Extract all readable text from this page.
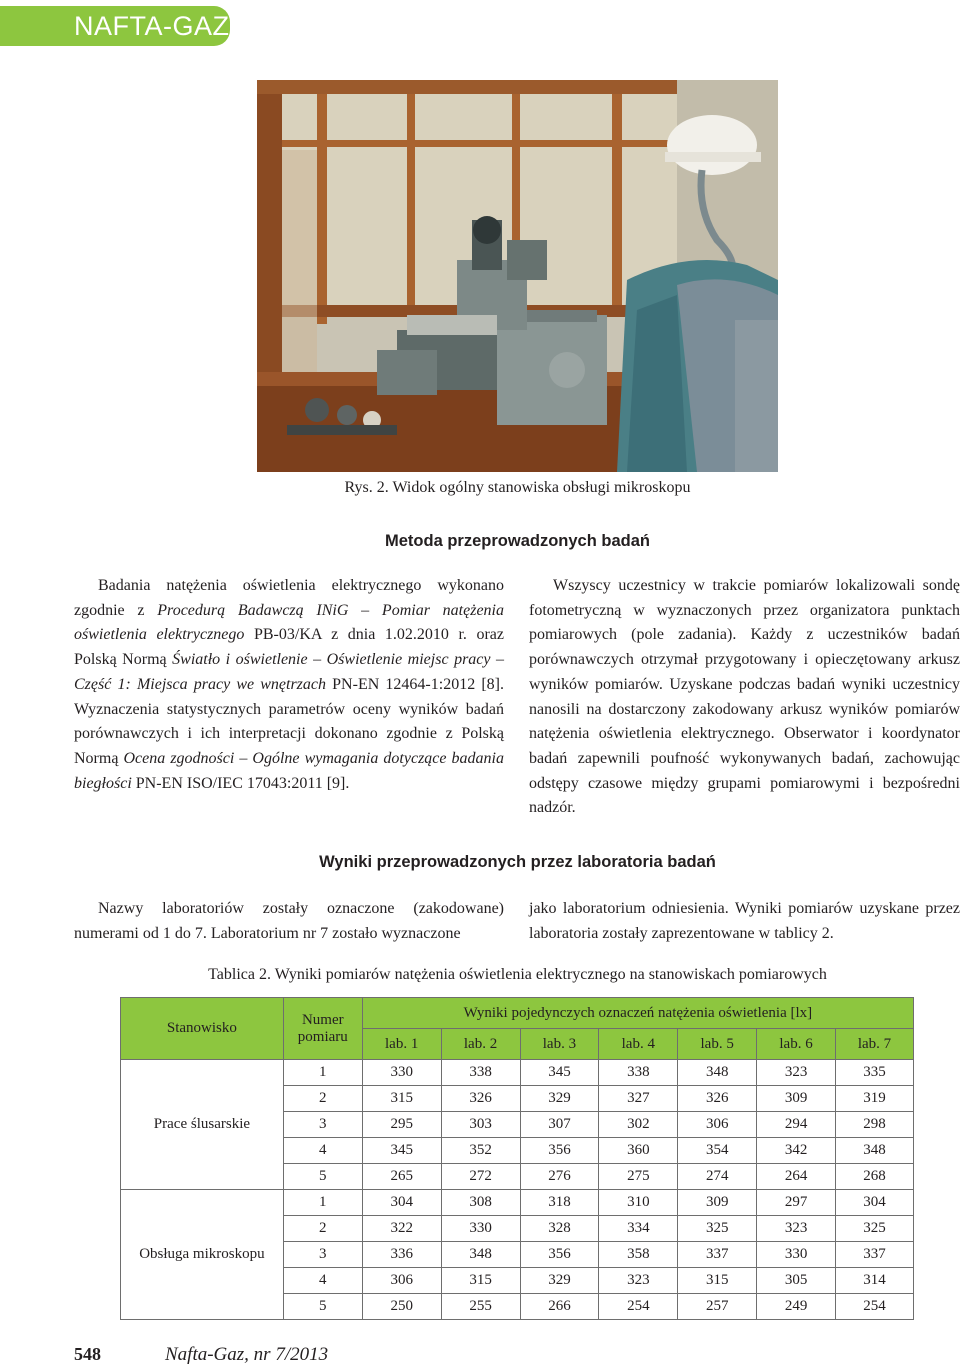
NAFTA-GAZ
Rys. 2. Widok ogólny stanowiska obsługi mikroskopu
Metoda przeprowadzonych badań

Badania natężenia oświetlenia elektrycznego wykonano zgodnie z Procedurą Badawczą INiG – Pomiar natężenia oświetlenia elektrycznego PB-03/KA z dnia 1.02.2010 r. oraz Polską Normą Światło i oświetlenie – Oświetlenie miejsc pracy – Część 1: Miejsca pracy we wnętrzach PN-EN 12464-1:2012 [8]. Wyznaczenia statystycznych parametrów oceny wyników badań porównawczych i ich interpretacji dokonano zgodnie z Polską Normą Ocena zgodności – Ogólne wymagania dotyczące badania biegłości PN-EN ISO/IEC 17043:2011 [9].

Wszyscy uczestnicy w trakcie pomiarów lokalizowali sondę fotometryczną w wyznaczonych przez organizatora punktach pomiarowych (pole zadania). Każdy z uczestników badań porównawczych otrzymał przygotowany i opieczętowany arkusz wyników pomiarów. Uzyskane podczas badań wyniki uczestnicy nanosili na dostarczony zakodowany arkusz wyników pomiarów natężenia oświetlenia elektrycznego. Obserwator i koordynator badań zapewnili poufność wykonywanych badań, zachowując odstępy czasowe między grupami pomiarowymi i bezpośredni nadzór.

Wyniki przeprowadzonych przez laboratoria badań

Nazwy laboratoriów zostały oznaczone (zakodowane) numerami od 1 do 7. Laboratorium nr 7 zostało wyznaczone

jako laboratorium odniesienia. Wyniki pomiarów uzyskane przez laboratoria zostały zaprezentowane w tablicy 2.

Tablica 2. Wyniki pomiarów natężenia oświetlenia elektrycznego na stanowiskach pomiarowych
Stanowisko	Numer pomiaru	Wyniki pojedynczych oznaczeń natężenia oświetlenia [lx]						
		lab. 1	lab. 2	lab. 3	lab. 4	lab. 5	lab. 6	lab. 7
Prace ślusarskie	1	330	338	345	338	348	323	335
	2	315	326	329	327	326	309	319
	3	295	303	307	302	306	294	298
	4	345	352	356	360	354	342	348
	5	265	272	276	275	274	264	268
Obsługa mikroskopu	1	304	308	318	310	309	297	304
	2	322	330	328	334	325	323	325
	3	336	348	356	358	337	330	337
	4	306	315	329	323	315	305	314
	5	250	255	266	254	257	249	254
548	Nafta-Gaz, nr 7/2013
